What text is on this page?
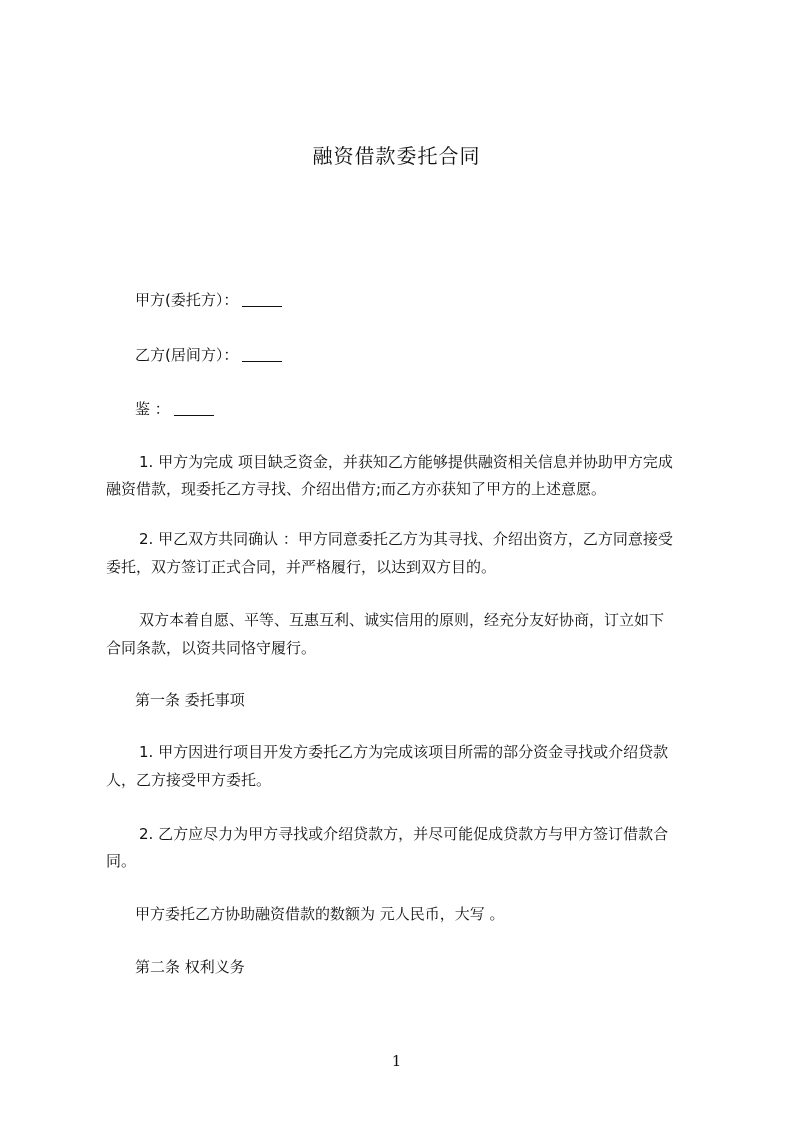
融资借款委托合同
甲方(委托方）：
乙方(居间方）：
鉴 ：
1. 甲方为完成 项目缺乏资金，并获知乙方能够提供融资相关信息并协助甲方完成
融资借款，现委托乙方寻找、介绍出借方;而乙方亦获知了甲方的上述意愿。
2. 甲乙双方共同确认 ：甲方同意委托乙方为其寻找、介绍出资方，乙方同意接受
委托，双方签订正式合同，并严格履行，以达到双方目的。
双方本着自愿、平等、互惠互利、诚实信用的原则，经充分友好协商，订立如下
合同条款，以资共同恪守履行。
第一条 委托事项
1. 甲方因进行项目开发方委托乙方为完成该项目所需的部分资金寻找或介绍贷款
人，乙方接受甲方委托。
2. 乙方应尽力为甲方寻找或介绍贷款方，并尽可能促成贷款方与甲方签订借款合
同。
甲方委托乙方协助融资借款的数额为 元人民币，大写 。
第二条 权利义务
1
